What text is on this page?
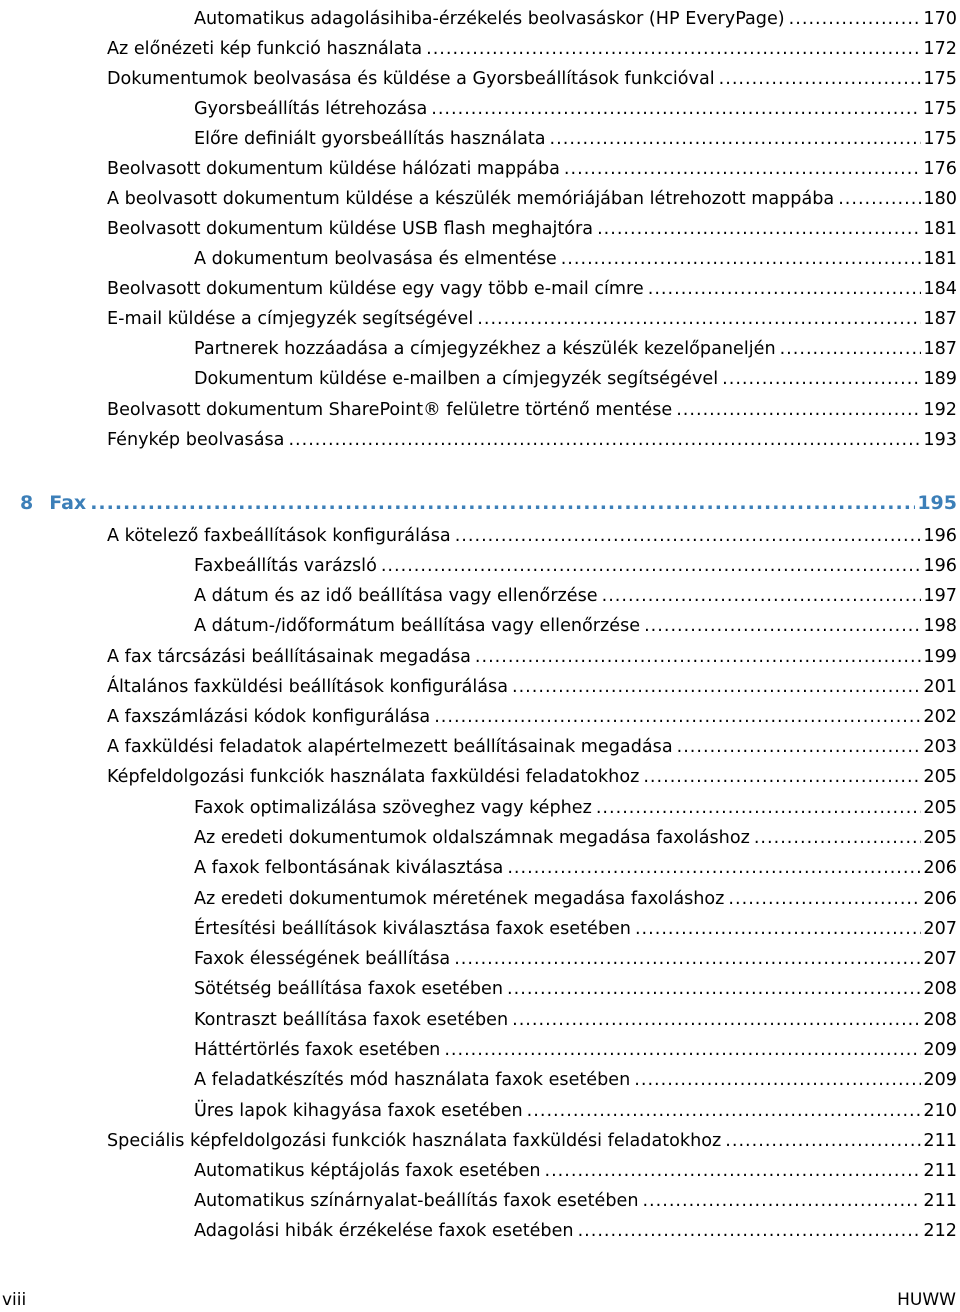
Automatikus adagolásihiba-érzékelés beolvasáskor (HP EveryPage) .....	170
Az előnézeti kép funkció használata .....	172
Dokumentumok beolvasása és küldése a Gyorsbeállítások funkcióval .....	175
Gyorsbeállítás létrehozása .....	175
Előre definiált gyorsbeállítás használata .....	175
Beolvasott dokumentum küldése hálózati mappába .....	176
A beolvasott dokumentum küldése a készülék memóriájában létrehozott mappába .....	180
Beolvasott dokumentum küldése USB flash meghajtóra .....	181
A dokumentum beolvasása és elmentése .....	181
Beolvasott dokumentum küldése egy vagy több e-mail címre .....	184
E-mail küldése a címjegyzék segítségével .....	187
Partnerek hozzáadása a címjegyzékhez a készülék kezelőpaneljén .....	187
Dokumentum küldése e-mailben a címjegyzék segítségével .....	189
Beolvasott dokumentum SharePoint® felületre történő mentése .....	192
Fénykép beolvasása .....	193
8 Fax .....	195
A kötelező faxbeállítások konfigurálása .....	196
Faxbeállítás varázsló .....	196
A dátum és az idő beállítása vagy ellenőrzése .....	197
A dátum-/időformátum beállítása vagy ellenőrzése .....	198
A fax tárcsázási beállításainak megadása .....	199
Általános faxküldési beállítások konfigurálása .....	201
A faxszámlázási kódok konfigurálása .....	202
A faxküldési feladatok alapértelmezett beállításainak megadása .....	203
Képfeldolgozási funkciók használata faxküldési feladatokhoz .....	205
Faxok optimalizálása szöveghez vagy képhez .....	205
Az eredeti dokumentumok oldalszámnak megadása faxoláshoz .....	205
A faxok felbontásának kiválasztása .....	206
Az eredeti dokumentumok méretének megadása faxoláshoz .....	206
Értesítési beállítások kiválasztása faxok esetében .....	207
Faxok élességének beállítása .....	207
Sötétség beállítása faxok esetében .....	208
Kontraszt beállítása faxok esetében .....	208
Háttértörlés faxok esetében .....	209
A feladatkészítés mód használata faxok esetében .....	209
Üres lapok kihagyása faxok esetében .....	210
Speciális képfeldolgozási funkciók használata faxküldési feladatokhoz .....	211
Automatikus képtájolás faxok esetében .....	211
Automatikus színárnyalat-beállítás faxok esetében .....	211
Adagolási hibák érzékelése faxok esetében .....	212
viii	HUWW
